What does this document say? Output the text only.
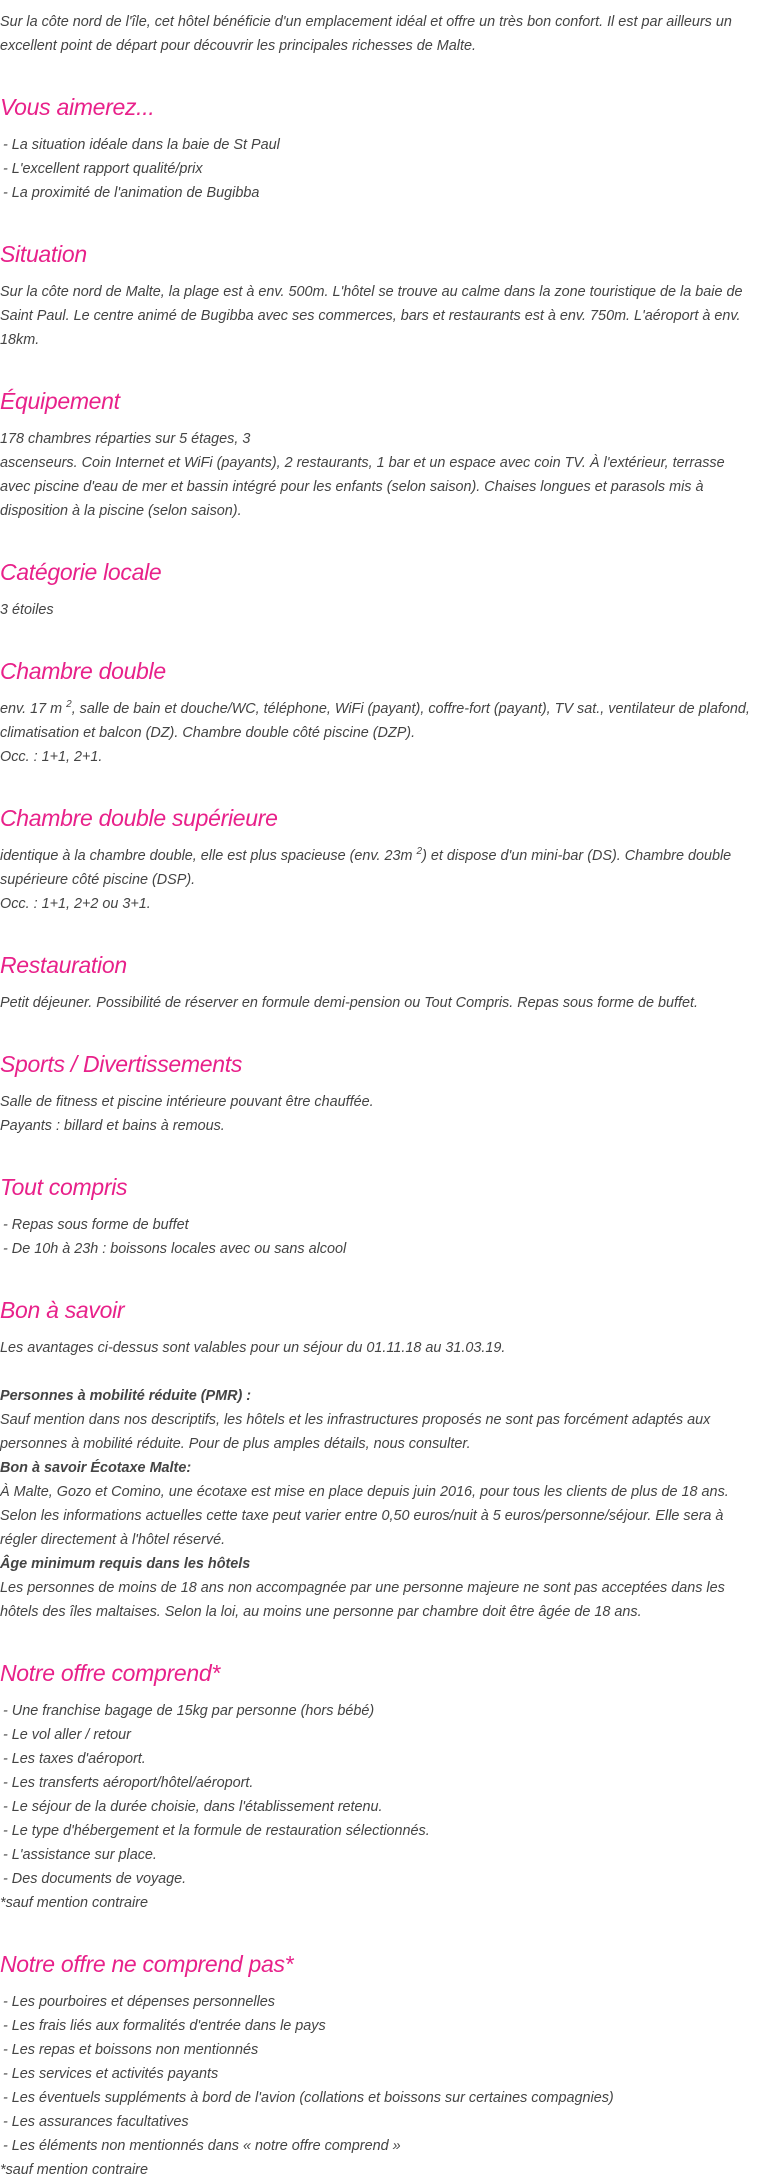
Sur la côte nord de l'île, cet hôtel bénéficie d'un emplacement idéal et offre un très bon confort. Il est par ailleurs un excellent point de départ pour découvrir les principales richesses de Malte.

Vous aimerez...
- La situation idéale dans la baie de St Paul
- L'excellent rapport qualité/prix
- La proximité de l'animation de Bugibba
Situation

Sur la côte nord de Malte, la plage est à env. 500m. L'hôtel se trouve au calme dans la zone touristique de la baie de Saint Paul. Le centre animé de Bugibba avec ses commerces, bars et restaurants est à env. 750m. L'aéroport à env. 18km.

Équipement

178 chambres réparties sur 5 étages, 3

ascenseurs. Coin Internet et WiFi (payants), 2 restaurants, 1 bar et un espace avec coin TV. À l'extérieur, terrasse avec piscine d'eau de mer et bassin intégré pour les enfants (selon saison). Chaises longues et parasols mis à disposition à la piscine (selon saison).

Catégorie locale

3 étoiles

Chambre double

env. 17 m $^2$, salle de bain et douche/WC, téléphone, WiFi (payant), coffre-fort (payant), TV sat., ventilateur de plafond, climatisation et balcon (DZ). Chambre double côté piscine (DZP).

Occ. : 1+1, 2+1.

Chambre double supérieure

identique à la chambre double, elle est plus spacieuse (env. 23m $^2$) et dispose d'un mini-bar (DS). Chambre double supérieure côté piscine (DSP).

Occ. : 1+1, 2+2 ou 3+1.

Restauration

Petit déjeuner. Possibilité de réserver en formule demi-pension ou Tout Compris. Repas sous forme de buffet.

Sports / Divertissements

Salle de fitness et piscine intérieure pouvant être chauffée.

Payants : billard et bains à remous.

Tout compris
- Repas sous forme de buffet
- De 10h à 23h : boissons locales avec ou sans alcool
Bon à savoir

Les avantages ci-dessus sont valables pour un séjour du 01.11.18 au 31.03.19.

Personnes à mobilité réduite (PMR) :

Sauf mention dans nos descriptifs, les hôtels et les infrastructures proposés ne sont pas forcément adaptés aux personnes à mobilité réduite. Pour de plus amples détails, nous consulter.

Bon à savoir Écotaxe Malte:

À Malte, Gozo et Comino, une écotaxe est mise en place depuis juin 2016, pour tous les clients de plus de 18 ans. Selon les informations actuelles cette taxe peut varier entre 0,50 euros/nuit à 5 euros/personne/séjour. Elle sera à régler directement à l'hôtel réservé.

Âge minimum requis dans les hôtels

Les personnes de moins de 18 ans non accompagnée par une personne majeure ne sont pas acceptées dans les hôtels des îles maltaises. Selon la loi, au moins une personne par chambre doit être âgée de 18 ans.

Notre offre comprend*
- Une franchise bagage de 15kg par personne (hors bébé)
- Le vol aller / retour
- Les taxes d'aéroport.
- Les transferts aéroport/hôtel/aéroport.
- Le séjour de la durée choisie, dans l'établissement retenu.
- Le type d'hébergement et la formule de restauration sélectionnés.
- L'assistance sur place.
- Des documents de voyage.

*sauf mention contraire

Notre offre ne comprend pas*
- Les pourboires et dépenses personnelles
- Les frais liés aux formalités d'entrée dans le pays
- Les repas et boissons non mentionnés
- Les services et activités payants
- Les éventuels suppléments à bord de l'avion (collations et boissons sur certaines compagnies)
- Les assurances facultatives
- Les éléments non mentionnés dans « notre offre comprend »

*sauf mention contraire
